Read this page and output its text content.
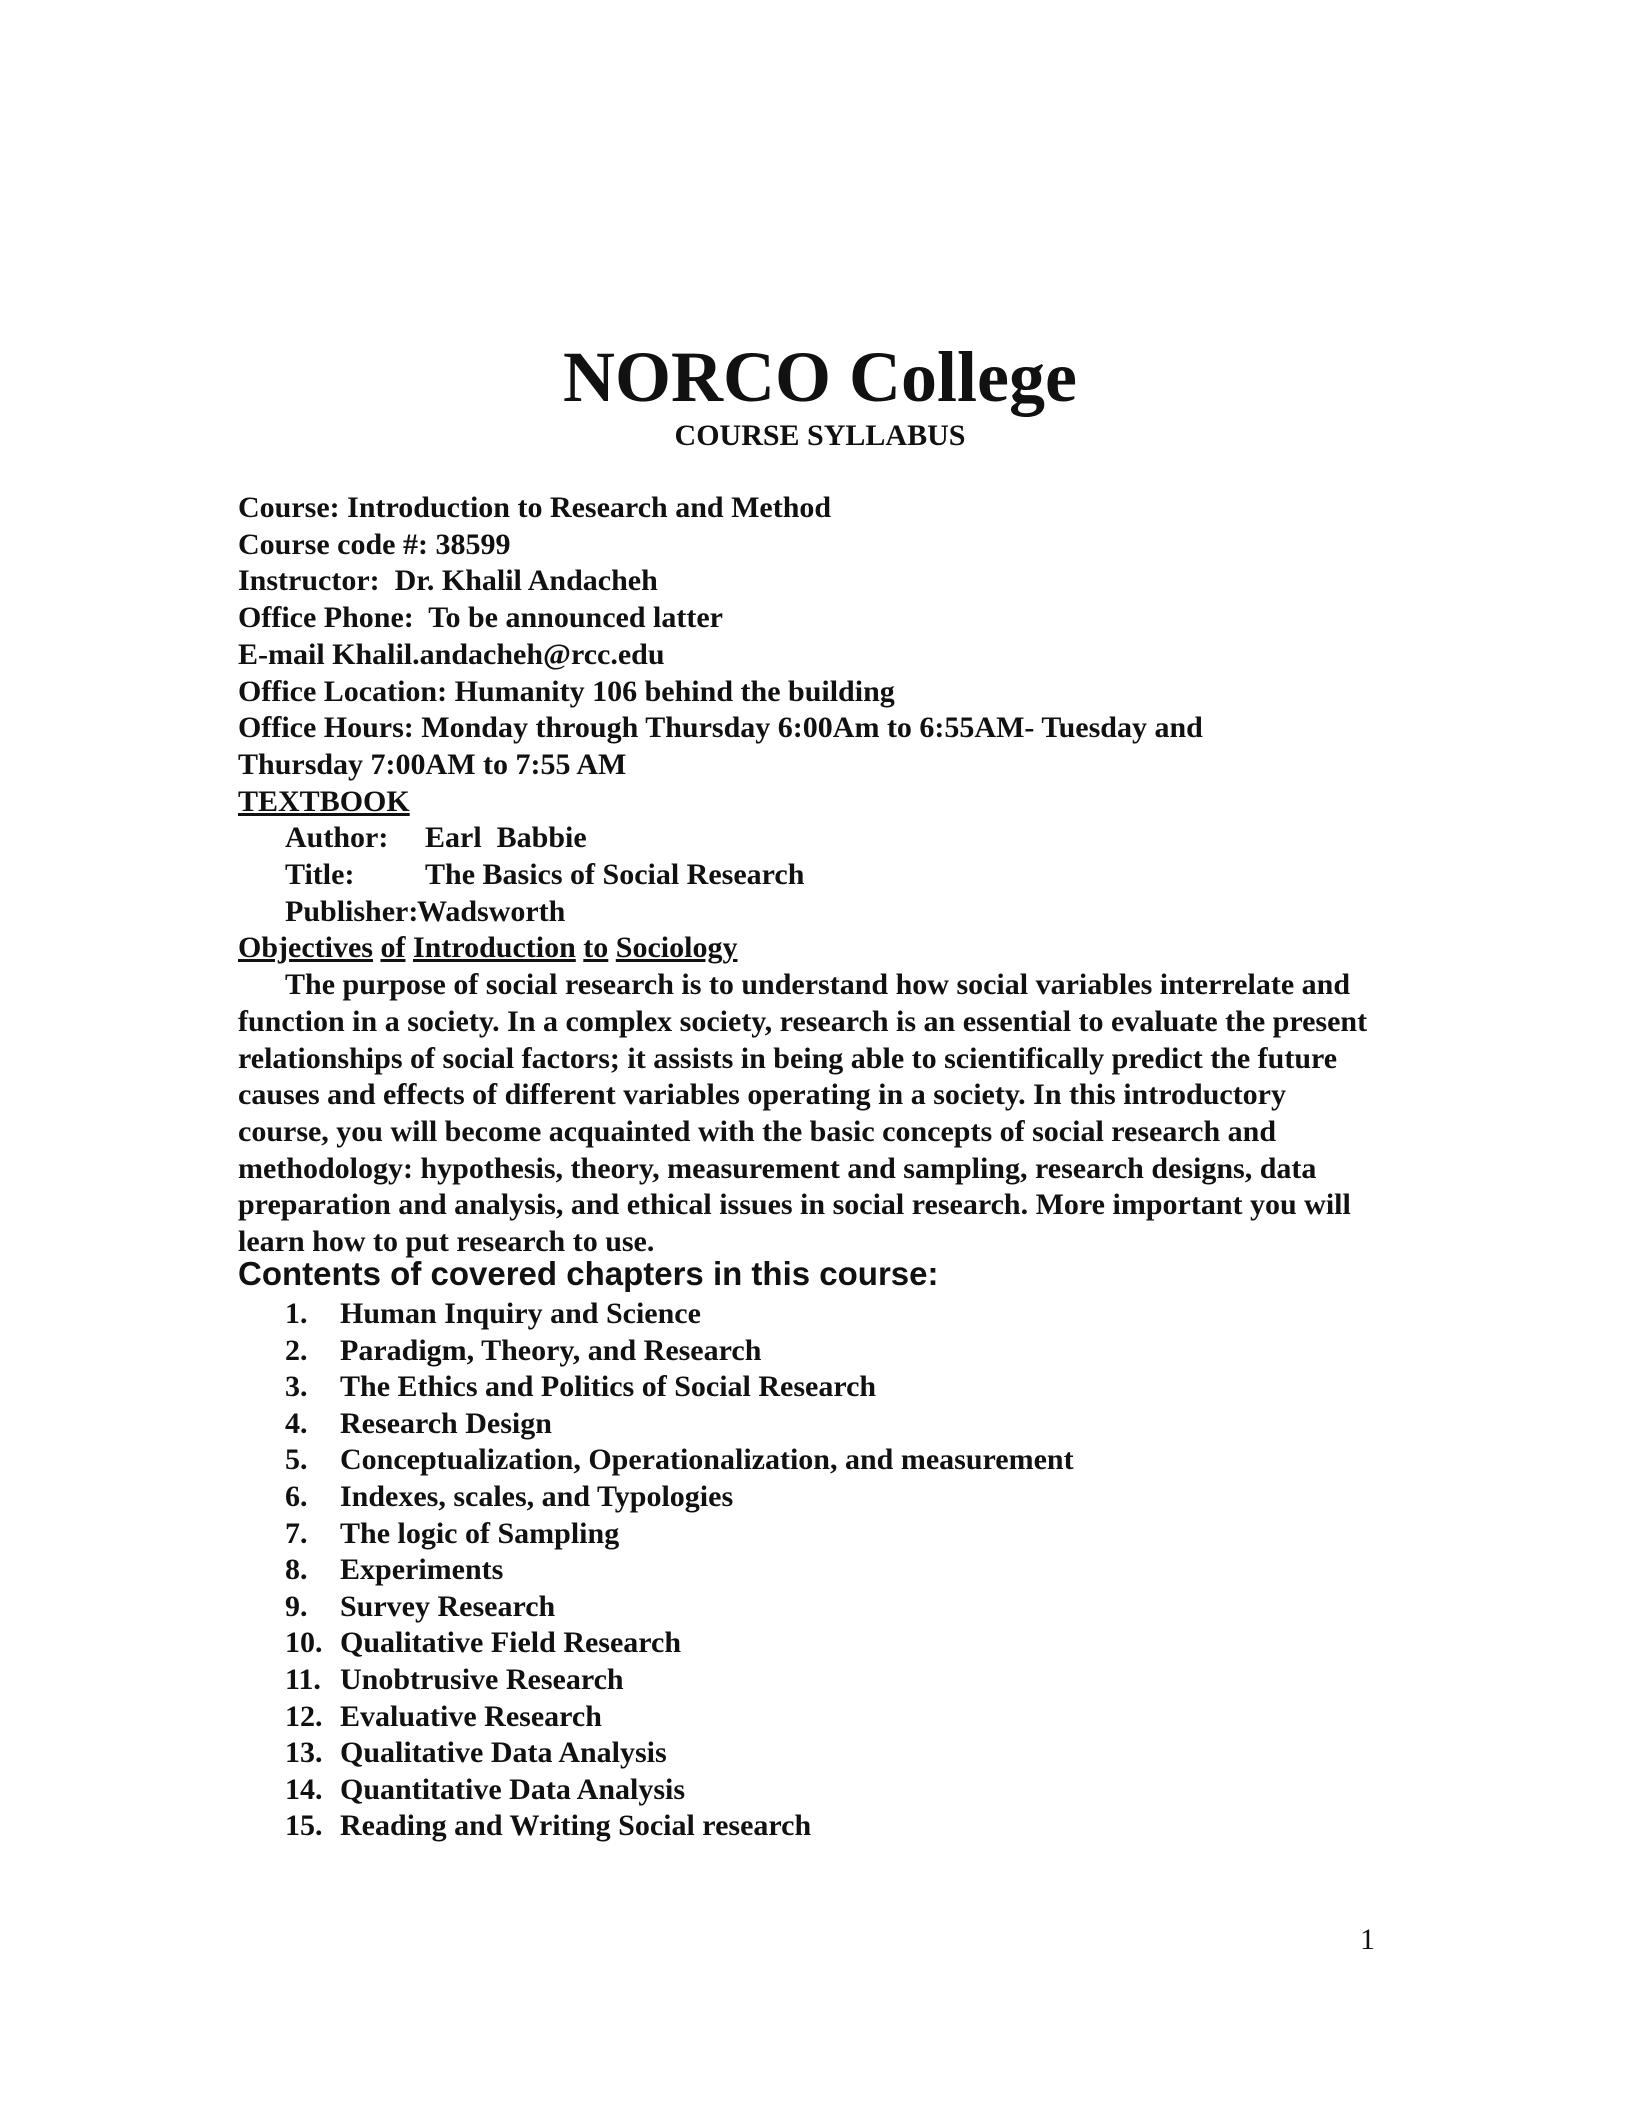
NORCO College
COURSE SYLLABUS
Course: Introduction to Research and Method
Course code #: 38599
Instructor:  Dr. Khalil Andacheh
Office Phone:  To be announced latter
E-mail Khalil.andacheh@rcc.edu
Office Location: Humanity 106 behind the building
Office Hours: Monday through Thursday 6:00Am to 6:55AM- Tuesday and
Thursday 7:00AM to 7:55 AM
TEXTBOOK
Author: Earl  Babbie
Title: The Basics of Social Research
Publisher:Wadsworth
Objectives of Introduction to Sociology

The purpose of social research is to understand how social variables interrelate and function in a society. In a complex society, research is an essential to evaluate the present relationships of social factors; it assists in being able to scientifically predict the future causes and effects of different variables operating in a society. In this introductory course, you will become acquainted with the basic concepts of social research and methodology: hypothesis, theory, measurement and sampling, research designs, data preparation and analysis, and ethical issues in social research. More important you will learn how to put research to use.

Contents of covered chapters in this course:
1. Human Inquiry and Science
2. Paradigm, Theory, and Research
3. The Ethics and Politics of Social Research
4. Research Design
5. Conceptualization, Operationalization, and measurement
6. Indexes, scales, and Typologies
7. The logic of Sampling
8. Experiments
9. Survey Research
10. Qualitative Field Research
11. Unobtrusive Research
12. Evaluative Research
13. Qualitative Data Analysis
14. Quantitative Data Analysis
15. Reading and Writing Social research
1
